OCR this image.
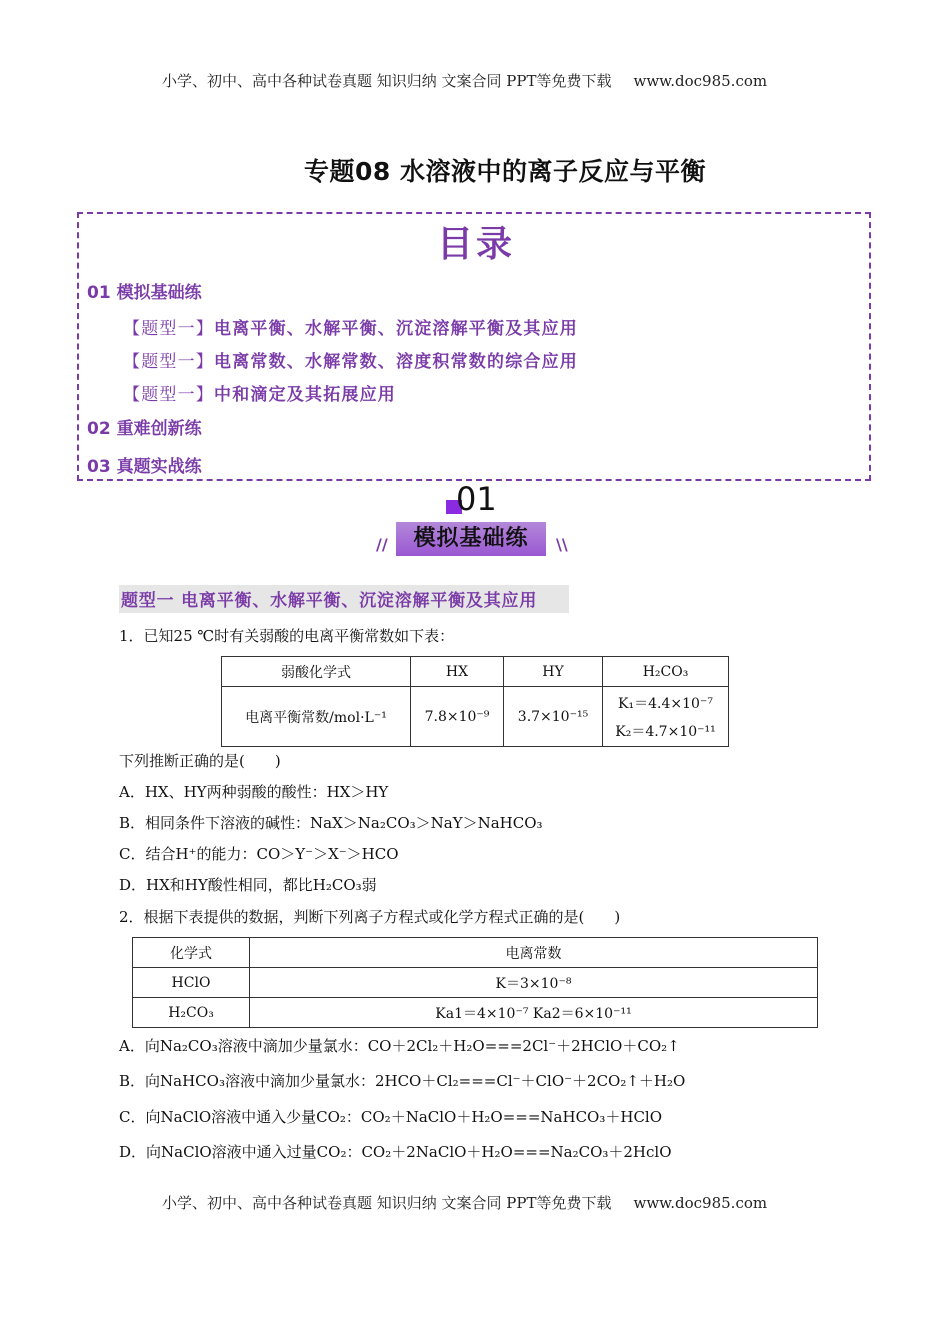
小学、初中、高中各种试卷真题 知识归纳 文案合同 PPT等免费下载 www.doc985.com
专题08 水溶液中的离子反应与平衡
目录
01 模拟基础练
【题型一】电离平衡、水解平衡、沉淀溶解平衡及其应用
【题型一】电离常数、水解常数、溶度积常数的综合应用
【题型一】中和滴定及其拓展应用
02 重难创新练
03 真题实战练
01
//	模拟基础练	\\
题型一 电离平衡、水解平衡、沉淀溶解平衡及其应用
1．已知25 ℃时有关弱酸的电离平衡常数如下表：
弱酸化学式	HX	HY	H₂CO₃
电离平衡常数/mol·L⁻¹	7.8×10⁻⁹	3.7×10⁻¹⁵	K₁＝4.4×10⁻⁷
K₂＝4.7×10⁻¹¹
下列推断正确的是(　　)
A．HX、HY两种弱酸的酸性：HX＞HY
B．相同条件下溶液的碱性：NaX＞Na₂CO₃＞NaY＞NaHCO₃
C．结合H⁺的能力：CO＞Y⁻＞X⁻＞HCO
D．HX和HY酸性相同，都比H₂CO₃弱
2．根据下表提供的数据，判断下列离子方程式或化学方程式正确的是(　　)
化学式	电离常数
HClO	K＝3×10⁻⁸
H₂CO₃	Ka1＝4×10⁻⁷ Ka2＝6×10⁻¹¹
A．向Na₂CO₃溶液中滴加少量氯水：CO＋2Cl₂＋H₂O===2Cl⁻＋2HClO＋CO₂↑
B．向NaHCO₃溶液中滴加少量氯水：2HCO＋Cl₂===Cl⁻＋ClO⁻＋2CO₂↑＋H₂O
C．向NaClO溶液中通入少量CO₂：CO₂＋NaClO＋H₂O===NaHCO₃＋HClO
D．向NaClO溶液中通入过量CO₂：CO₂＋2NaClO＋H₂O===Na₂CO₃＋2HclO
小学、初中、高中各种试卷真题 知识归纳 文案合同 PPT等免费下载 www.doc985.com
